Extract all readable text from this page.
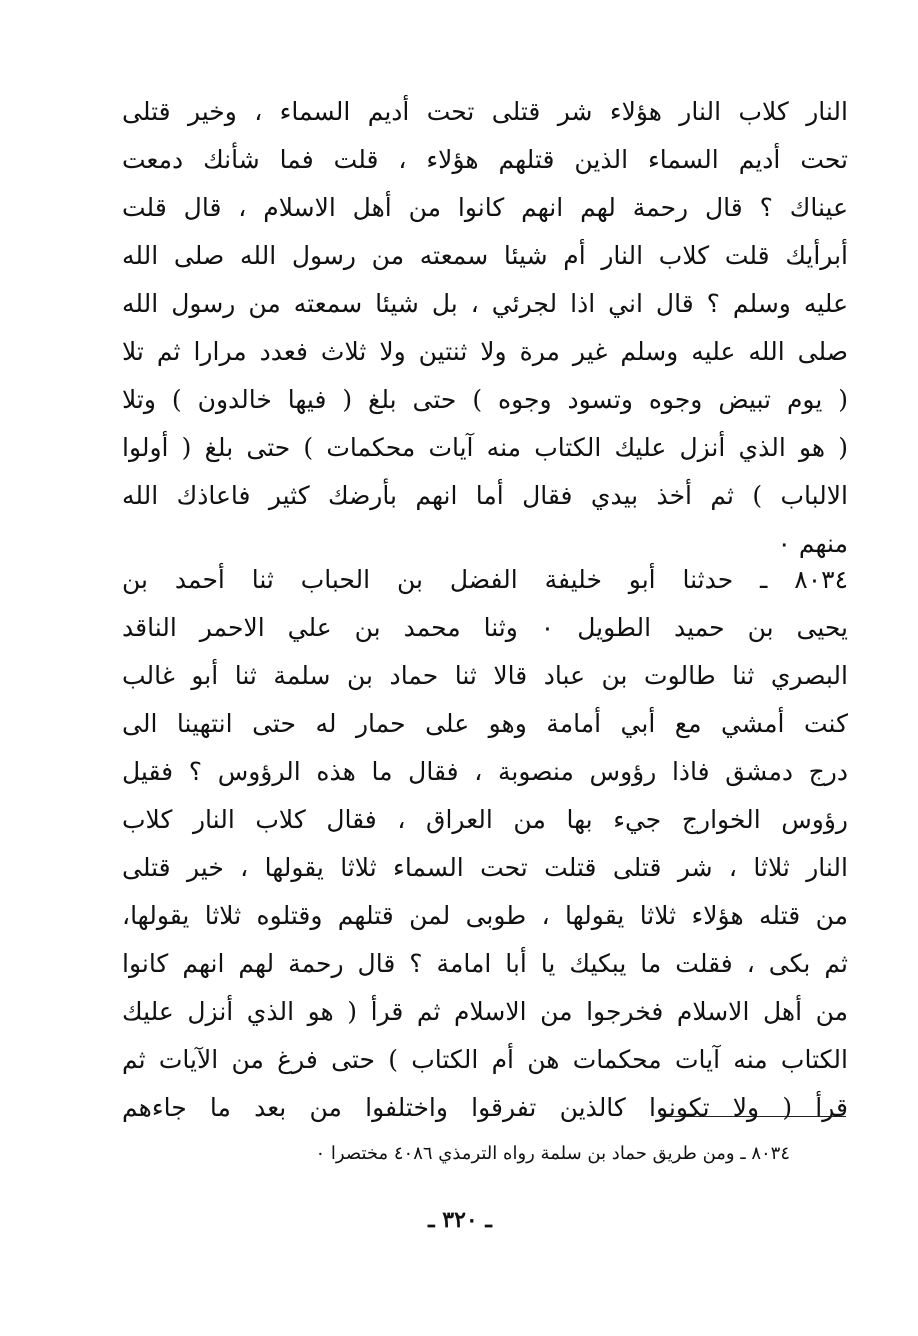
النار كلاب النار هؤلاء شر قتلى تحت أديم السماء ، وخير قتلى
تحت أديم السماء الذين قتلهم هؤلاء ، قلت فما شأنك دمعت
عيناك ؟ قال رحمة لهم انهم كانوا من أهل الاسلام ، قال قلت
أبرأيك قلت كلاب النار أم شيئا سمعته من رسول الله صلى الله
عليه وسلم ؟ قال اني اذا لجرئي ، بل شيئا سمعته من رسول الله
صلى الله عليه وسلم غير مرة ولا ثنتين ولا ثلاث فعدد مرارا ثم تلا
( يوم تبيض وجوه وتسود وجوه ) حتى بلغ ( فيها خالدون ) وتلا
( هو الذي أنزل عليك الكتاب منه آيات محكمات ) حتى بلغ ( أولوا
الالباب ) ثم أخذ بيدي فقال أما انهم بأرضك كثير فاعاذك الله
منهم ٠
٨٠٣٤ ـ حدثنا أبو خليفة الفضل بن الحباب ثنا أحمد بن
يحيى بن حميد الطويل ٠ وثنا محمد بن علي الاحمر الناقد
البصري ثنا طالوت بن عباد قالا ثنا حماد بن سلمة ثنا أبو غالب
كنت أمشي مع أبي أمامة وهو على حمار له حتى انتهينا الى
درج دمشق فاذا رؤوس منصوبة ، فقال ما هذه الرؤوس ؟ فقيل
رؤوس الخوارج جيء بها من العراق ، فقال كلاب النار كلاب
النار ثلاثا ، شر قتلى قتلت تحت السماء ثلاثا يقولها ، خير قتلى
من قتله هؤلاء ثلاثا يقولها ، طوبى لمن قتلهم وقتلوه ثلاثا يقولها،
ثم بكى ، فقلت ما يبكيك يا أبا امامة ؟ قال رحمة لهم انهم كانوا
من أهل الاسلام فخرجوا من الاسلام ثم قرأ ( هو الذي أنزل عليك
الكتاب منه آيات محكمات هن أم الكتاب ) حتى فرغ من الآيات ثم
قرأ ( ولا تكونوا كالذين تفرقوا واختلفوا من بعد ما جاءهم
٨٠٣٤ ـ ومن طريق حماد بن سلمة رواه الترمذي ٤٠٨٦ مختصرا ٠
ـ ٣٢٠ ـ
